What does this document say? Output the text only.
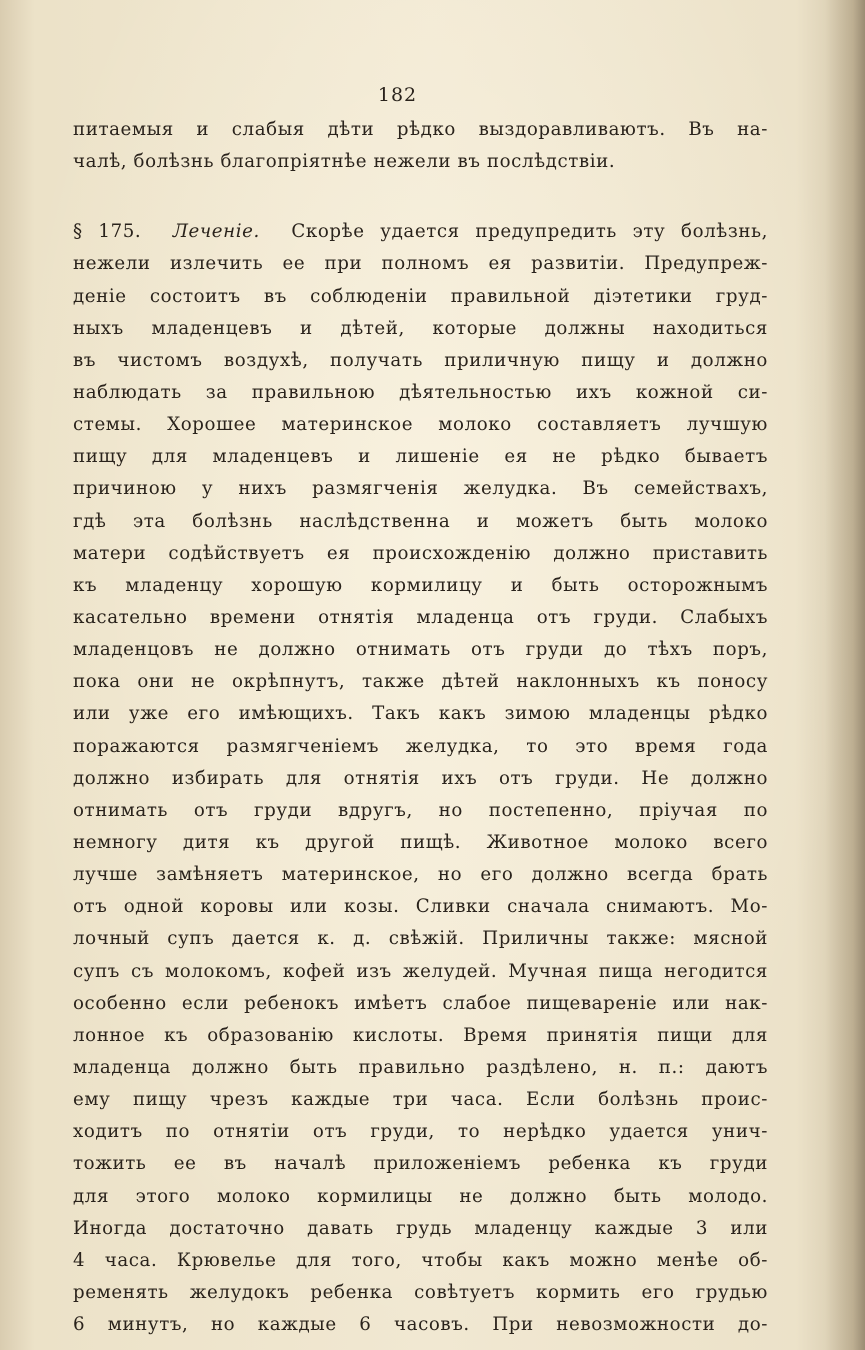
182
питаемыя и слабыя дѣти рѣдко выздоравливаютъ. Въ на-
чалѣ, болѣзнь благопріятнѣе нежели въ послѣдствіи.
§ 175. Леченіе. Скорѣе удается предупредить эту болѣзнь,
нежели излечить ее при полномъ ея развитіи. Предупреж-
деніе состоитъ въ соблюденіи правильной діэтетики груд-
ныхъ младенцевъ и дѣтей, которые должны находиться
въ чистомъ воздухѣ, получать приличную пищу и должно
наблюдать за правильною дѣятельностью ихъ кожной си-
стемы. Хорошее материнское молоко составляетъ лучшую
пищу для младенцевъ и лишеніе ея не рѣдко бываетъ
причиною у нихъ размягченія желудка. Въ семействахъ,
гдѣ эта болѣзнь наслѣдственна и можетъ быть молоко
матери содѣйствуетъ ея происхожденію должно приставить
къ младенцу хорошую кормилицу и быть осторожнымъ
касательно времени отнятія младенца отъ груди. Слабыхъ
младенцовъ не должно отнимать отъ груди до тѣхъ поръ,
пока они не окрѣпнутъ, также дѣтей наклонныхъ къ поносу
или уже его имѣющихъ. Такъ какъ зимою младенцы рѣдко
поражаются размягченіемъ желудка, то это время года
должно избирать для отнятія ихъ отъ груди. Не должно
отнимать отъ груди вдругъ, но постепенно, пріучая по
немногу дитя къ другой пищѣ. Животное молоко всего
лучше замѣняетъ материнское, но его должно всегда брать
отъ одной коровы или козы. Сливки сначала снимаютъ. Мо-
лочный супъ дается к. д. свѣжій. Приличны также: мясной
супъ съ молокомъ, кофей изъ желудей. Мучная пища негодится
особенно если ребенокъ имѣетъ слабое пищевареніе или нак-
лонное къ образованію кислоты. Время принятія пищи для
младенца должно быть правильно раздѣлено, н. п.: даютъ
ему пищу чрезъ каждые три часа. Если болѣзнь проис-
ходитъ по отнятіи отъ груди, то нерѣдко удается унич-
тожить ее въ началѣ приложеніемъ ребенка къ груди
для этого молоко кормилицы не должно быть молодо.
Иногда достаточно давать грудь младенцу каждые 3 или
4 часа. Крювелье для того, чтобы какъ можно менѣе об-
ременять желудокъ ребенка совѣтуетъ кормить его грудью
6 минутъ, но каждые 6 часовъ. При невозможности до-
